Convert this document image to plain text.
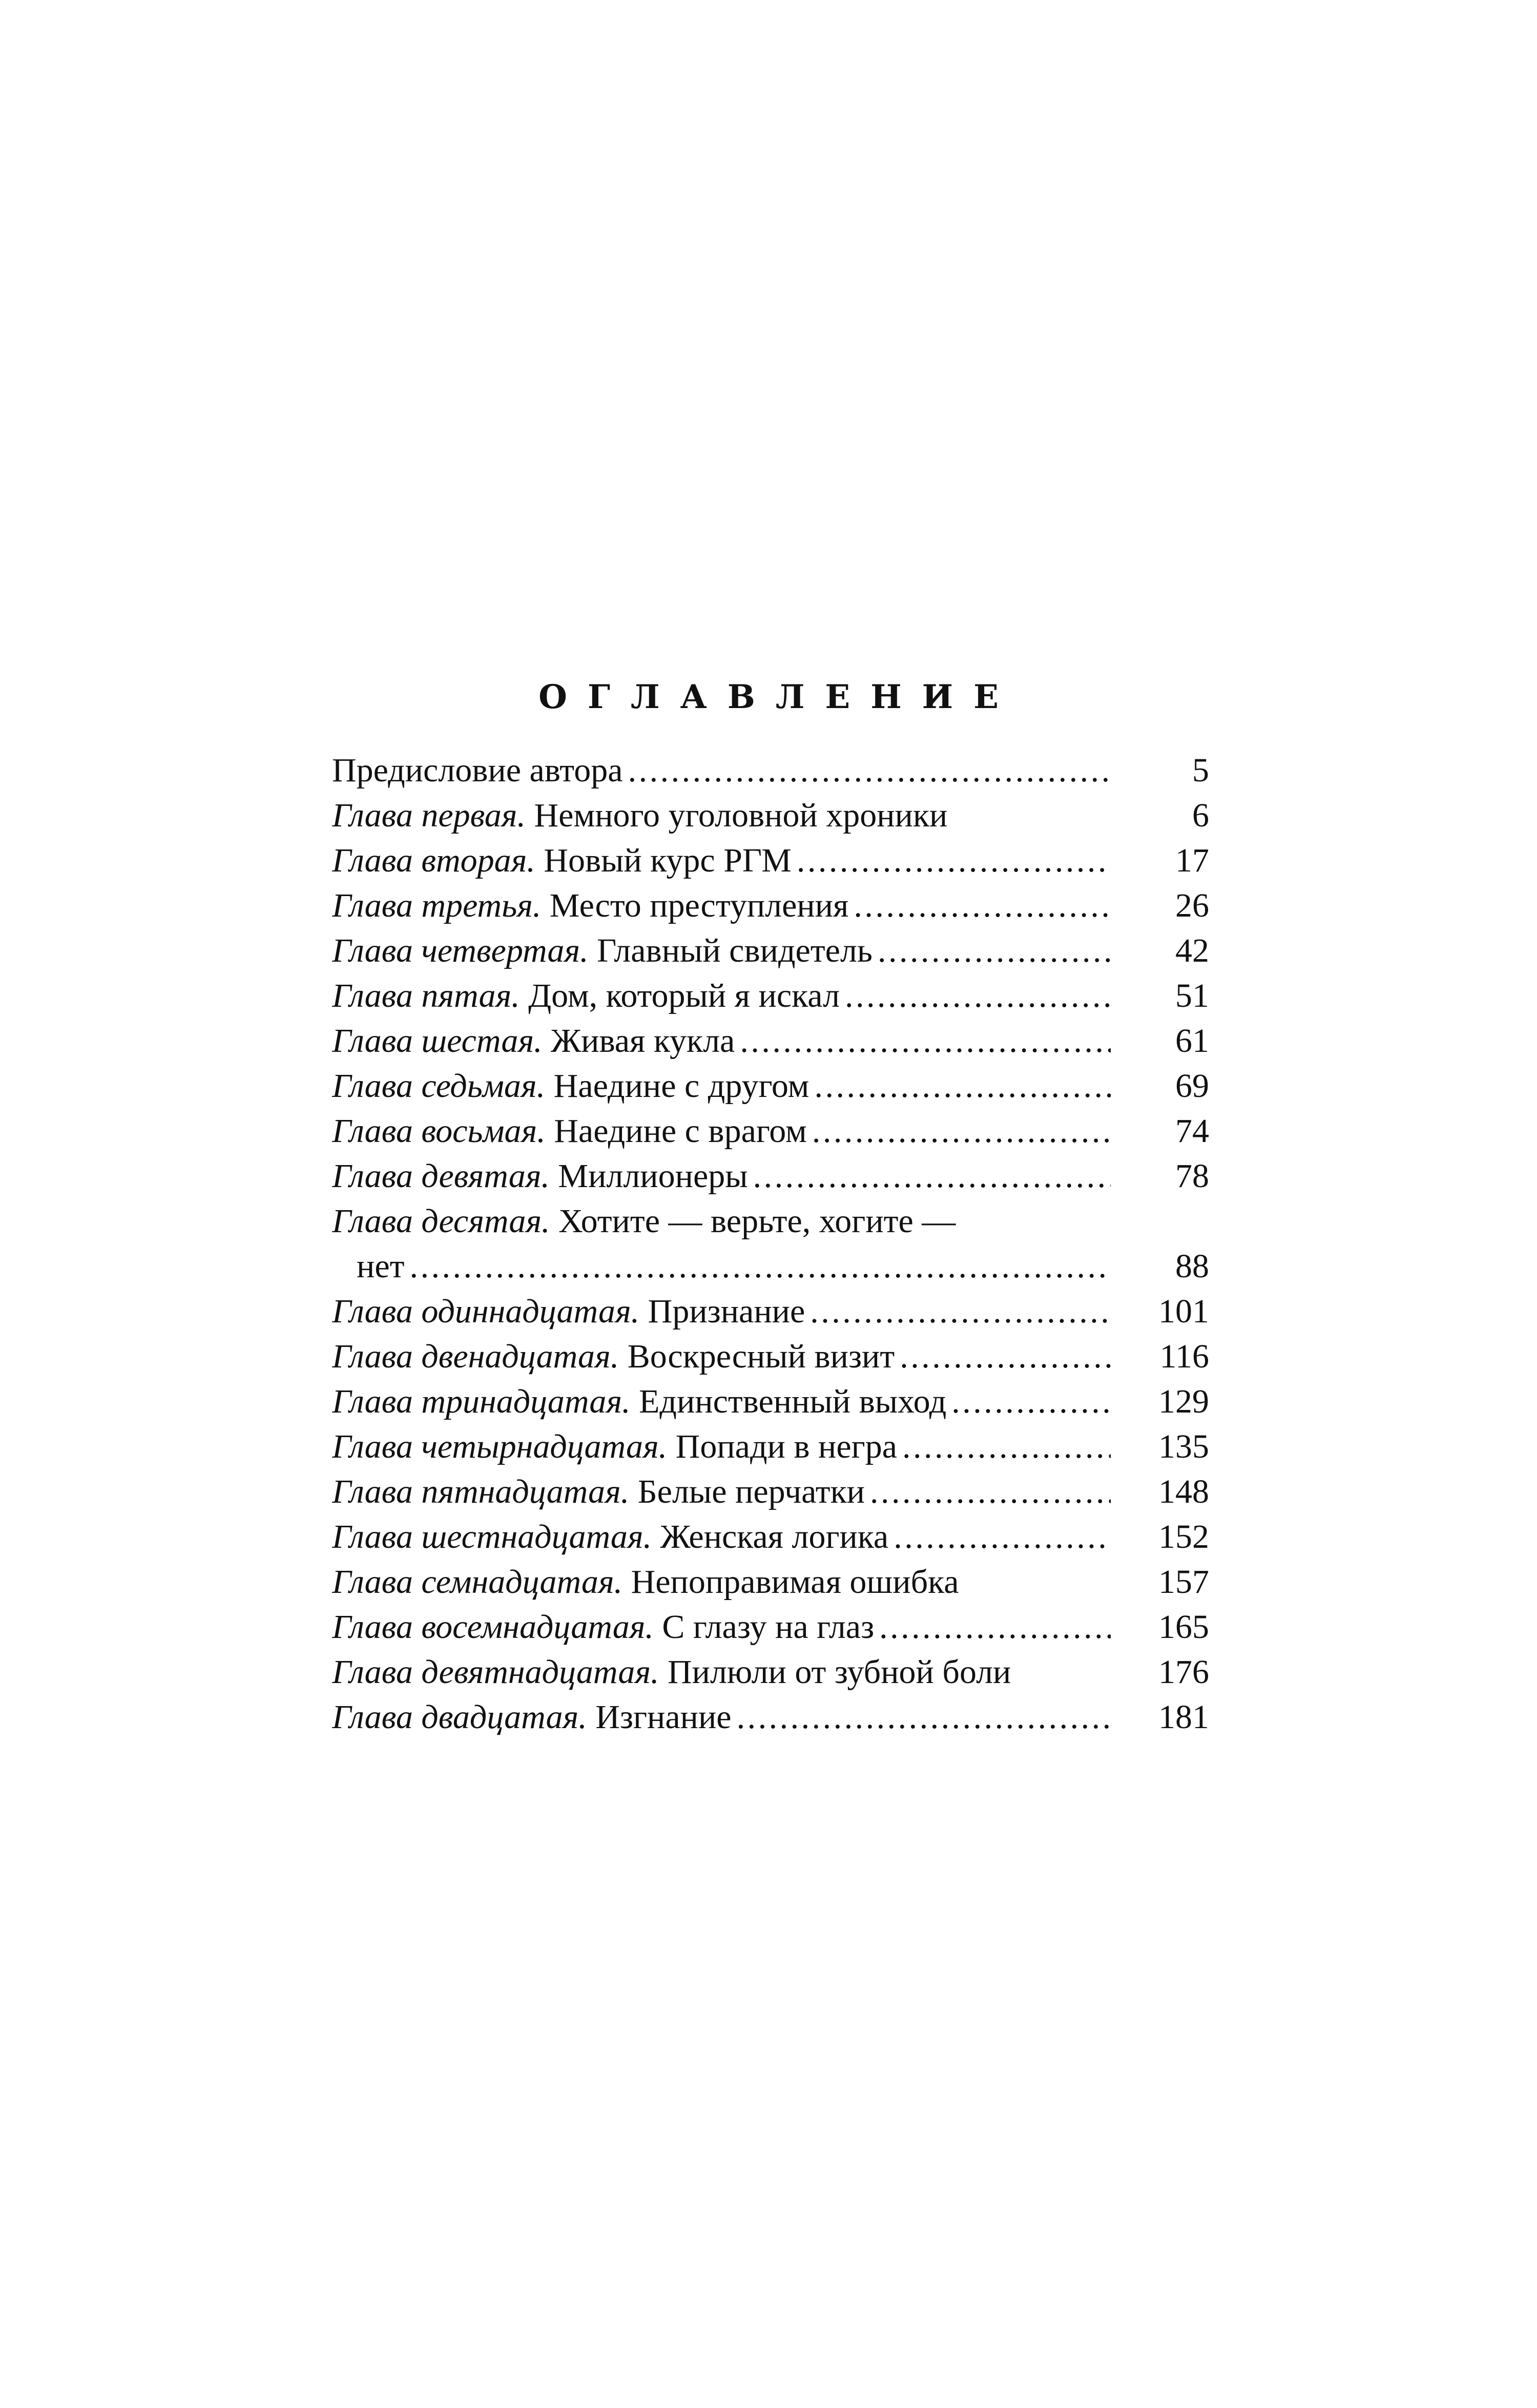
ОГЛАВЛЕНИЕ
Предисловие автора . . .	5
Глава первая. Немного уголовной хроники	6
Глава вторая. Новый курс РГМ . . .	17
Глава третья. Место преступления . . .	26
Глава четвертая. Главный свидетель . . .	42
Глава пятая. Дом, который я искал . . .	51
Глава шестая. Живая кукла . . .	61
Глава седьмая. Наедине с другом . . .	69
Глава восьмая. Наедине с врагом . . .	74
Глава девятая. Миллионеры . . .	78
Глава десятая. Хотите — верьте, хогите —
нет . . .	88
Глава одиннадцатая. Признание . . .	101
Глава двенадцатая. Воскресный визит . . .	116
Глава тринадцатая. Единственный выход . . .	129
Глава четырнадцатая. Попади в негра . . .	135
Глава пятнадцатая. Белые перчатки . . .	148
Глава шестнадцатая. Женская логика . . .	152
Глава семнадцатая. Непоправимая ошибка	157
Глава восемнадцатая. С глазу на глаз . . .	165
Глава девятнадцатая. Пилюли от зубной боли	176
Глава двадцатая. Изгнание . . .	181
